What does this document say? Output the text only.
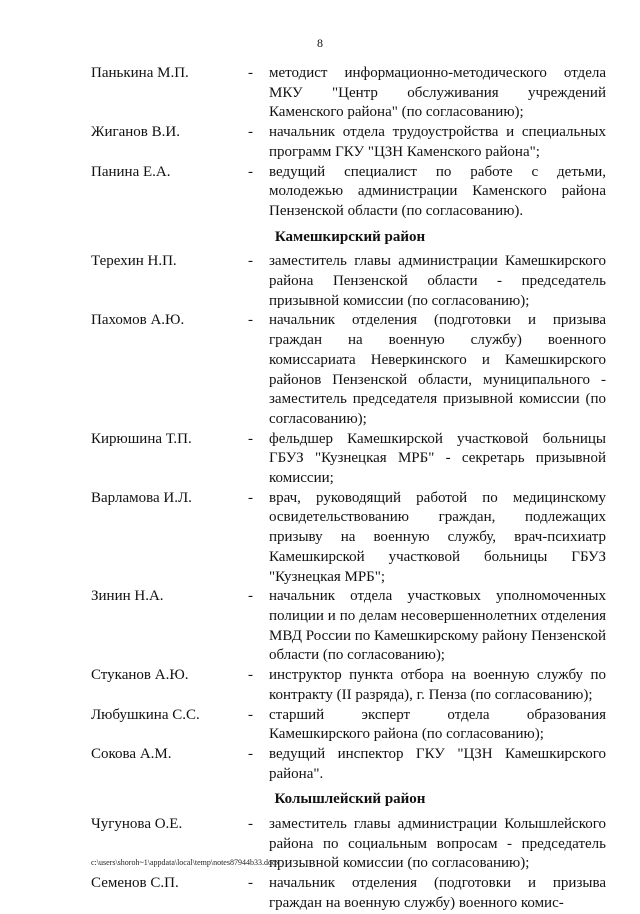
8
Панькина М.П.	- методист информационно-методического отдела МКУ "Центр обслуживания учреждений Каменского района" (по согласованию);
Жиганов В.И.	- начальник отдела трудоустройства и специальных программ ГКУ "ЦЗН Каменского района";
Панина Е.А.	- ведущий специалист по работе с детьми, молодежью администрации Каменского района Пензенской области (по согласованию).
Камешкирский район
Терехин Н.П.	- заместитель главы администрации Камешкирского района Пензенской области - председатель призывной комиссии (по согласованию);
Пахомов А.Ю.	- начальник отделения (подготовки и призыва граждан на военную службу) военного комиссариата Неверкинского и Камешкирского районов Пензенской области, муниципального - заместитель председателя призывной комиссии (по согласованию);
Кирюшина Т.П.	- фельдшер Камешкирской участковой больницы ГБУЗ "Кузнецкая МРБ" - секретарь призывной комиссии;
Варламова И.Л.	- врач, руководящий работой по медицинскому освидетельствованию граждан, подлежащих призыву на военную службу, врач-психиатр Камешкирской участковой больницы ГБУЗ "Кузнецкая МРБ";
Зинин Н.А.	- начальник отдела участковых уполномоченных полиции и по делам несовершеннолетних отделения МВД России по Камешкирскому району Пензенской области (по согласованию);
Стуканов А.Ю.	- инструктор пункта отбора на военную службу по контракту (II разряда), г. Пенза (по согласованию);
Любушкина С.С.	- старший эксперт отдела образования Камешкирского района (по согласованию);
Сокова А.М.	- ведущий инспектор ГКУ "ЦЗН Камешкирского района".
Колышлейский район
Чугунова О.Е.	- заместитель главы администрации Колышлейского района по социальным вопросам - председатель призывной комиссии (по согласованию);
Семенов С.П.	- начальник отделения (подготовки и призыва граждан на военную службу) военного комис-
c:\users\shoroh~1\appdata\local\temp\notes87944b33.docx
